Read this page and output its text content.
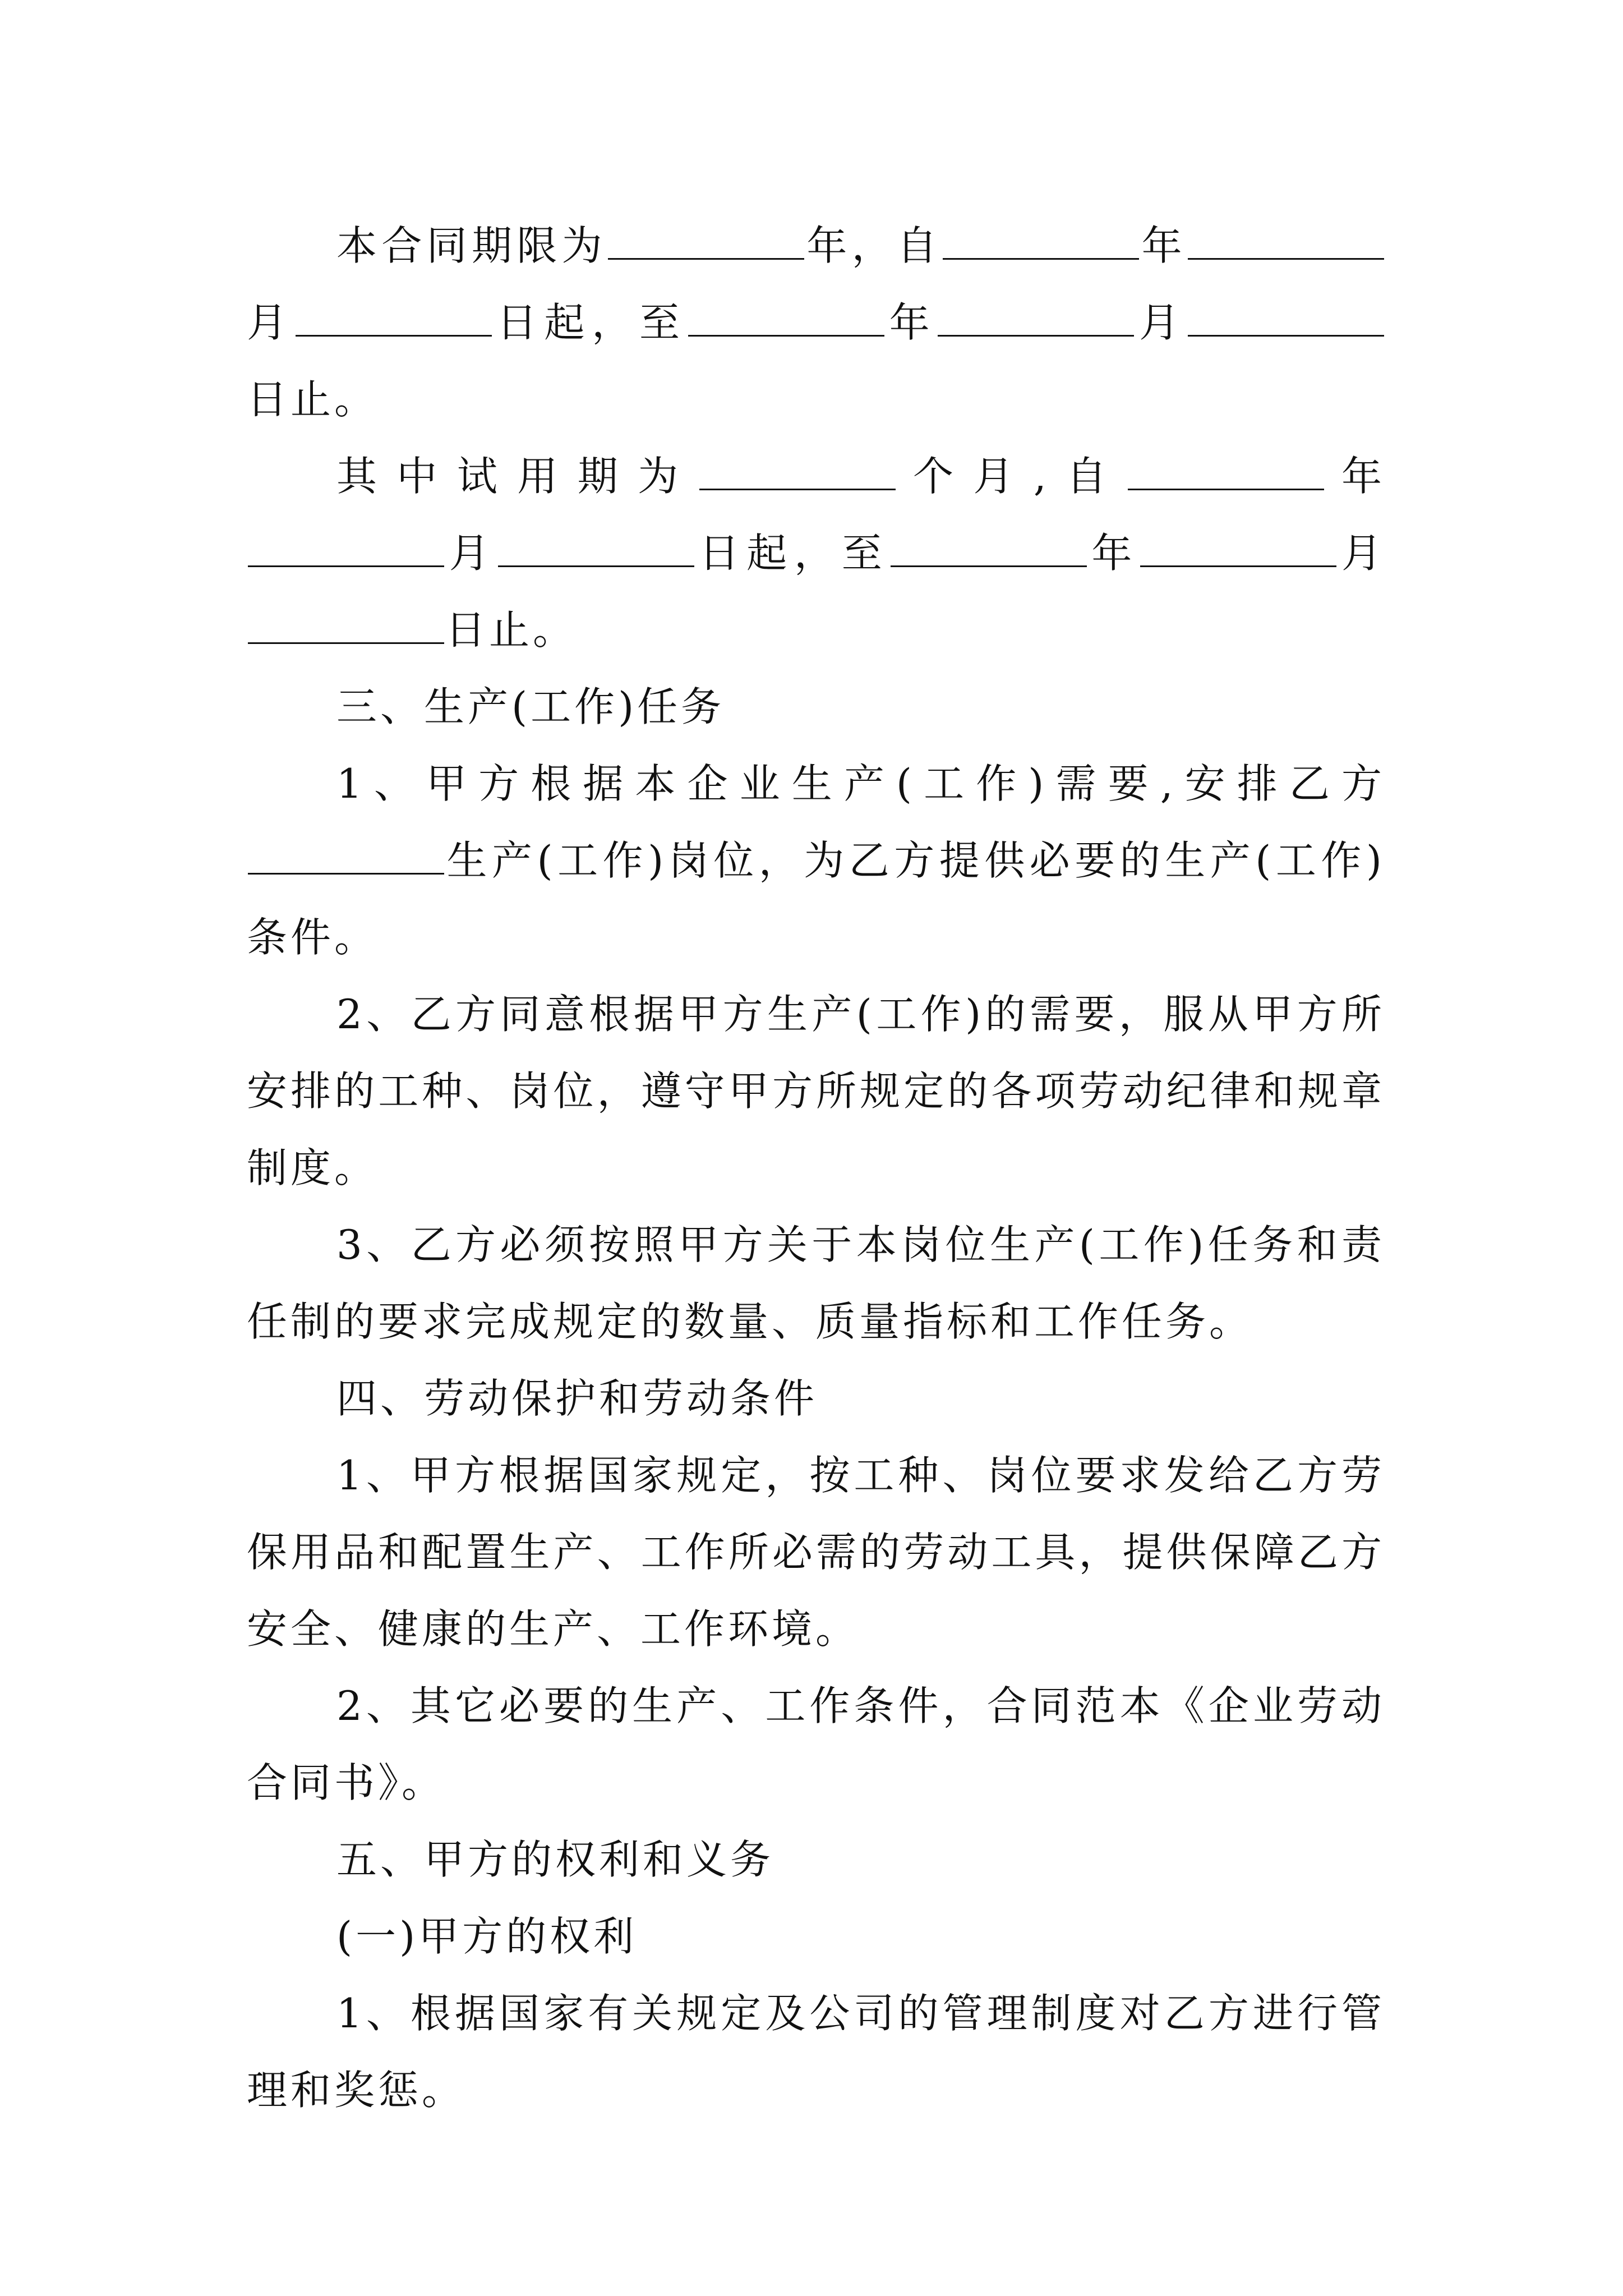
本合同期限为	年，自	年月	日起，至	年	月日止。

其中试用期为	个月,自	年月	日起，至	年	月日止。

三、生产(工作)任务

1、甲方根据本企业生产(工作)需要,安排乙方生产(工作)岗位，为乙方提供必要的生产(工作)条件。

2、乙方同意根据甲方生产(工作)的需要，服从甲方所安排的工种、岗位，遵守甲方所规定的各项劳动纪律和规章制度。

3、乙方必须按照甲方关于本岗位生产(工作)任务和责任制的要求完成规定的数量、质量指标和工作任务。

四、劳动保护和劳动条件

1、甲方根据国家规定，按工种、岗位要求发给乙方劳保用品和配置生产、工作所必需的劳动工具，提供保障乙方安全、健康的生产、工作环境。

2、其它必要的生产、工作条件，合同范本《企业劳动合同书》。

五、甲方的权利和义务

(一)甲方的权利

1、根据国家有关规定及公司的管理制度对乙方进行管理和奖惩。
